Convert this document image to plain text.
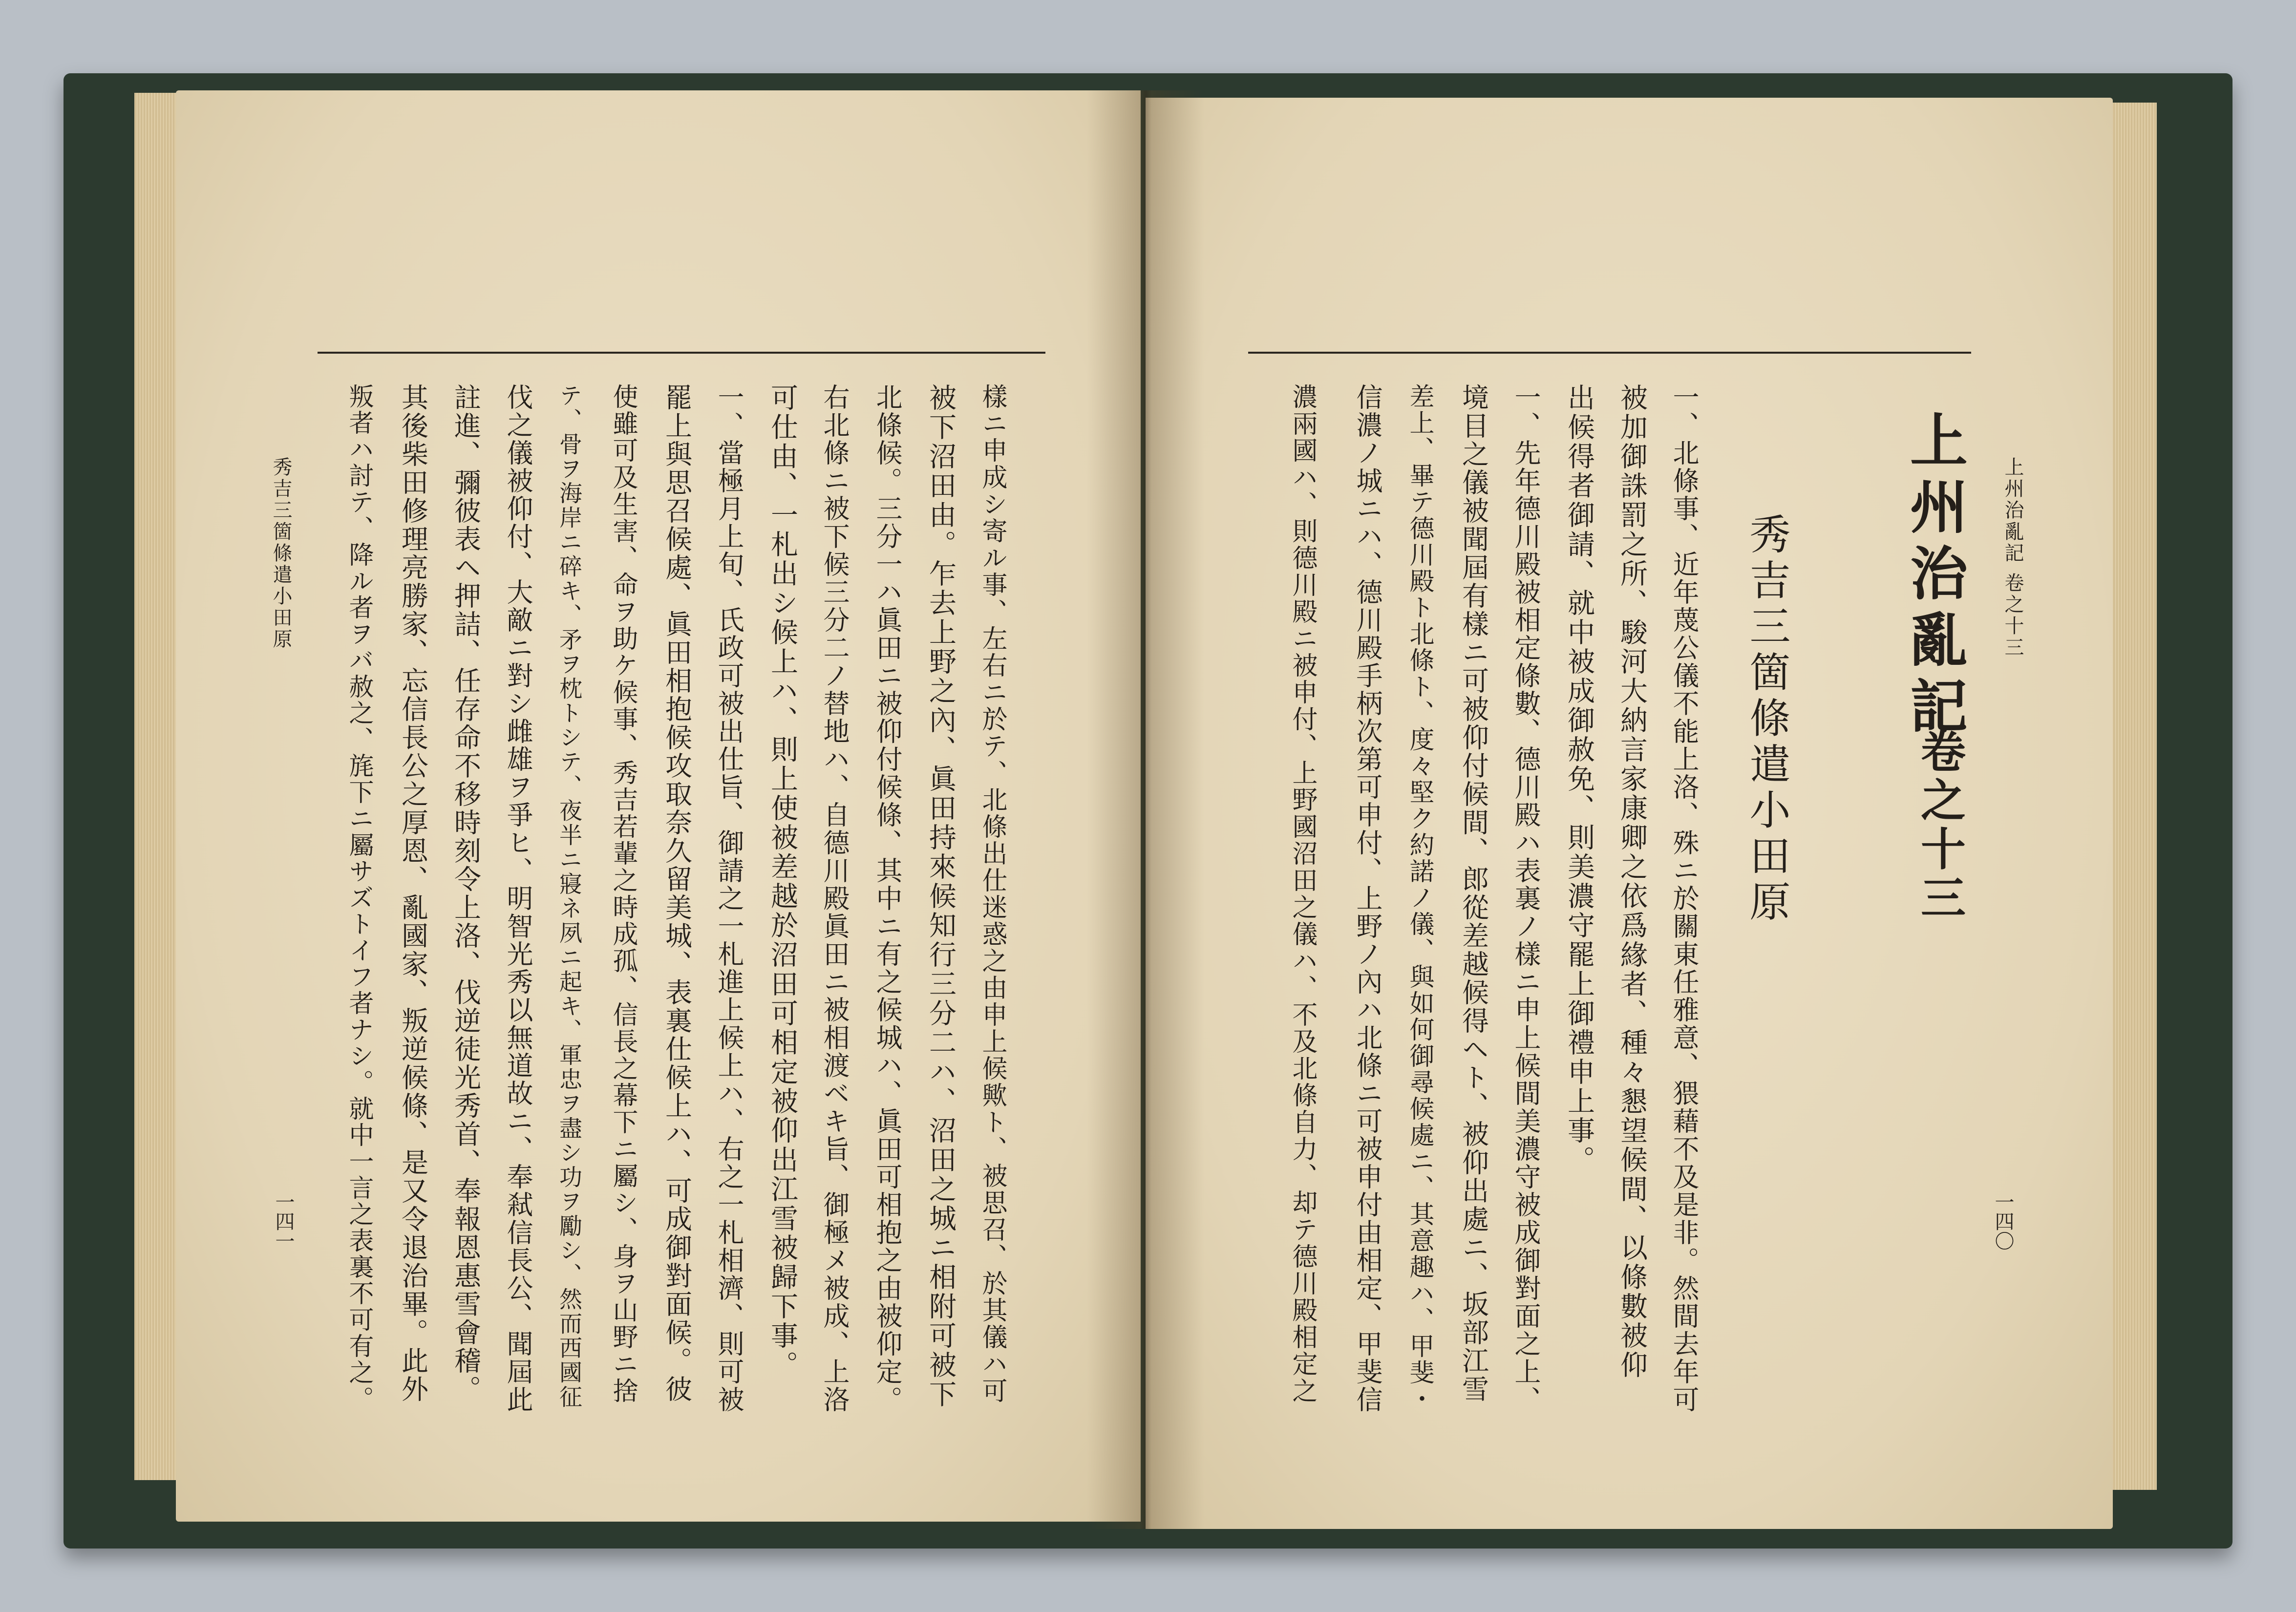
上州治亂記 卷之十三
上州治亂記
卷之十三
秀吉三箇條遣小田原
一四〇
一、北條事、近年蔑公儀不能上洛、殊ニ於關東任雅意、猥藉不及是非。然間去年可
被加御誅罰之所、駿河大納言家康卿之依爲緣者、種々懇望候間、以條數被仰
出候得者御請、就中被成御赦免、則美濃守罷上御禮申上事。
一、先年德川殿被相定條數、德川殿ハ表裏ノ樣ニ申上候間美濃守被成御對面之上、
境目之儀被聞屆有樣ニ可被仰付候間、郎從差越候得ヘト、被仰出處ニ、坂部江雪
差上、畢テ德川殿ト北條ト、度々堅ク約諾ノ儀、與如何御尋候處ニ、其意趣ハ、甲斐・
信濃ノ城ニハ、德川殿手柄次第可申付、上野ノ內ハ北條ニ可被申付由相定、甲斐信
濃兩國ハ、則德川殿ニ被申付、上野國沼田之儀ハ、不及北條自力、却テ德川殿相定之
樣ニ申成シ寄ル事、左右ニ於テ、北條出仕迷惑之由申上候歟ト、被思召、於其儀ハ可
被下沼田由。乍去上野之內、眞田持來候知行三分二ハ、沼田之城ニ相附可被下
北條候。三分一ハ眞田ニ被仰付候條、其中ニ有之候城ハ、眞田可相抱之由被仰定。
右北條ニ被下候三分二ノ替地ハ、自德川殿眞田ニ被相渡ベキ旨、御極メ被成、上洛
可仕由、一札出シ候上ハ、則上使被差越於沼田可相定被仰出江雪被歸下事。
一、當極月上旬、氏政可被出仕旨、御請之一札進上候上ハ、右之一札相濟、則可被
罷上與思召候處、眞田相抱候攻取奈久留美城、表裏仕候上ハ、可成御對面候。彼
使雖可及生害、命ヲ助ケ候事、秀吉若輩之時成孤、信長之幕下ニ屬シ、身ヲ山野ニ捨
テ、骨ヲ海岸ニ碎キ、矛ヲ枕トシテ、夜半ニ寢ネ夙ニ起キ、軍忠ヲ盡シ功ヲ勵シ、然而西國征
伐之儀被仰付、大敵ニ對シ雌雄ヲ爭ヒ、明智光秀以無道故ニ、奉弒信長公、聞屆此
註進、彌彼表ヘ押詰、任存命不移時刻令上洛、伐逆徒光秀首、奉報恩惠雪會稽。
其後柴田修理亮勝家、忘信長公之厚恩、亂國家、叛逆候條、是又令退治畢。此外
叛者ハ討テ、降ル者ヲバ赦之、旄下ニ屬サズトイフ者ナシ。就中一言之表裏不可有之。
秀吉三箇條遣小田原
一四一
